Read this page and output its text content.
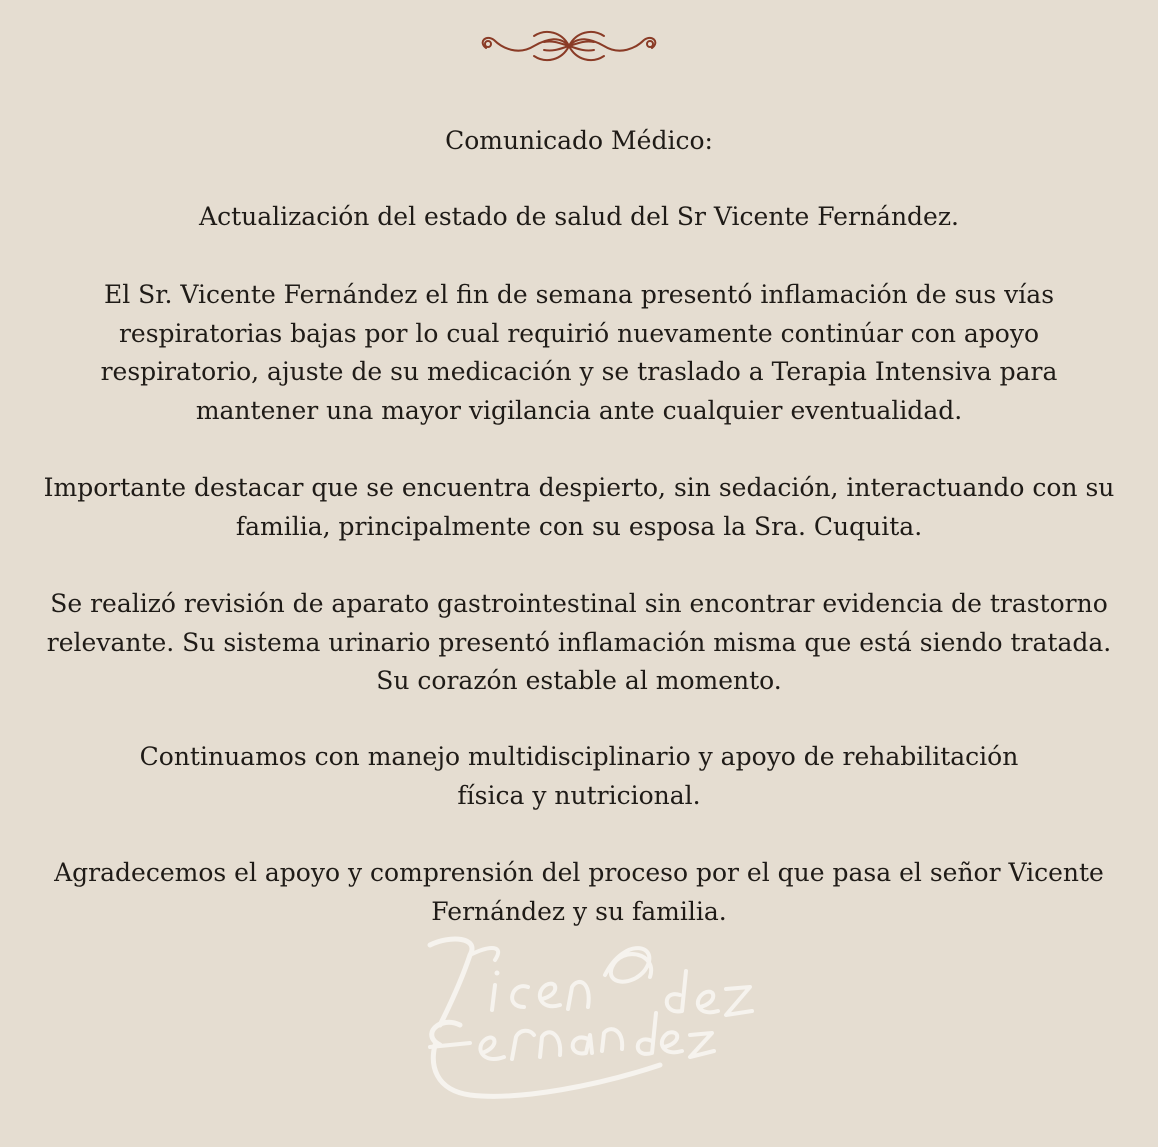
Comunicado Médico:
Actualización del estado de salud del Sr Vicente Fernández.
El Sr. Vicente Fernández el fin de semana presentó inflamación de sus vías
respiratorias bajas por lo cual requirió nuevamente continúar con apoyo
respiratorio, ajuste de su medicación y se traslado a Terapia Intensiva para
mantener una mayor vigilancia ante cualquier eventualidad.
Importante destacar que se encuentra despierto, sin sedación, interactuando con su
familia, principalmente con su esposa la Sra. Cuquita.
Se realizó revisión de aparato gastrointestinal sin encontrar evidencia de trastorno
relevante. Su sistema urinario presentó inflamación misma que está siendo tratada.
Su corazón estable al momento.
Continuamos con manejo multidisciplinario y apoyo de rehabilitación
física y nutricional.
Agradecemos el apoyo y comprensión del proceso por el que pasa el señor Vicente
Fernández y su familia.
